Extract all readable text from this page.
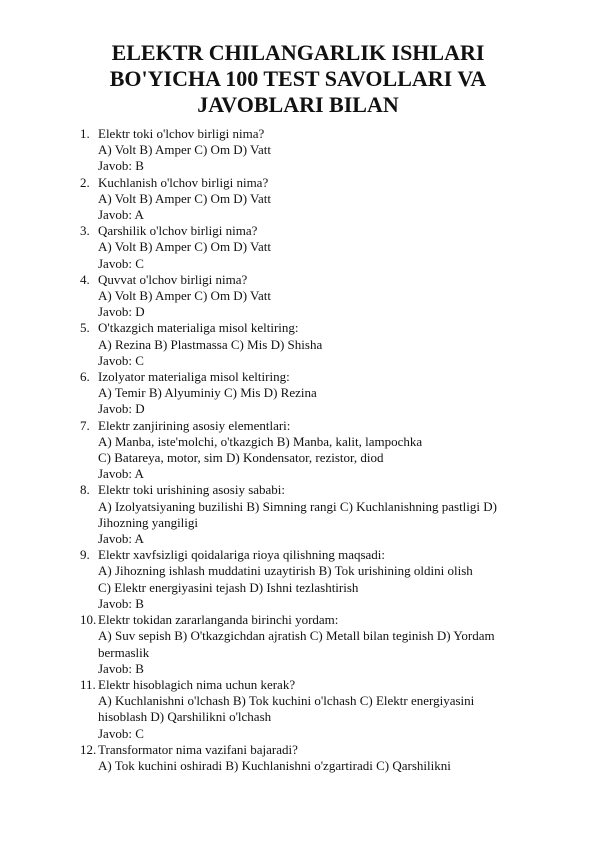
ELEKTR CHILANGARLIK ISHLARI
BO'YICHA 100 TEST SAVOLLARI VA
JAVOBLARI BILAN
1. Elektr toki o'lchov birligi nima?
A) Volt B) Amper C) Om D) Vatt
Javob: B
2. Kuchlanish o'lchov birligi nima?
A) Volt B) Amper C) Om D) Vatt
Javob: A
3. Qarshilik o'lchov birligi nima?
A) Volt B) Amper C) Om D) Vatt
Javob: C
4. Quvvat o'lchov birligi nima?
A) Volt B) Amper C) Om D) Vatt
Javob: D
5. O'tkazgich materialiga misol keltiring:
A) Rezina B) Plastmassa C) Mis D) Shisha
Javob: C
6. Izolyator materialiga misol keltiring:
A) Temir B) Alyuminiy C) Mis D) Rezina
Javob: D
7. Elektr zanjirining asosiy elementlari:
A) Manba, iste'molchi, o'tkazgich B) Manba, kalit, lampochka
C) Batareya, motor, sim D) Kondensator, rezistor, diod
Javob: A
8. Elektr toki urishining asosiy sababi:
A) Izolyatsiyaning buzilishi B) Simning rangi C) Kuchlanishning pastligi D)
Jihozning yangiligi
Javob: A
9. Elektr xavfsizligi qoidalariga rioya qilishning maqsadi:
A) Jihozning ishlash muddatini uzaytirish B) Tok urishining oldini olish
C) Elektr energiyasini tejash D) Ishni tezlashtirish
Javob: B
10. Elektr tokidan zararlanganda birinchi yordam:
A) Suv sepish B) O'tkazgichdan ajratish C) Metall bilan teginish D) Yordam
bermaslik
Javob: B
11. Elektr hisoblagich nima uchun kerak?
A) Kuchlanishni o'lchash B) Tok kuchini o'lchash C) Elektr energiyasini
hisoblash D) Qarshilikni o'lchash
Javob: C
12. Transformator nima vazifani bajaradi?
A) Tok kuchini oshiradi B) Kuchlanishni o'zgartiradi C) Qarshilikni
